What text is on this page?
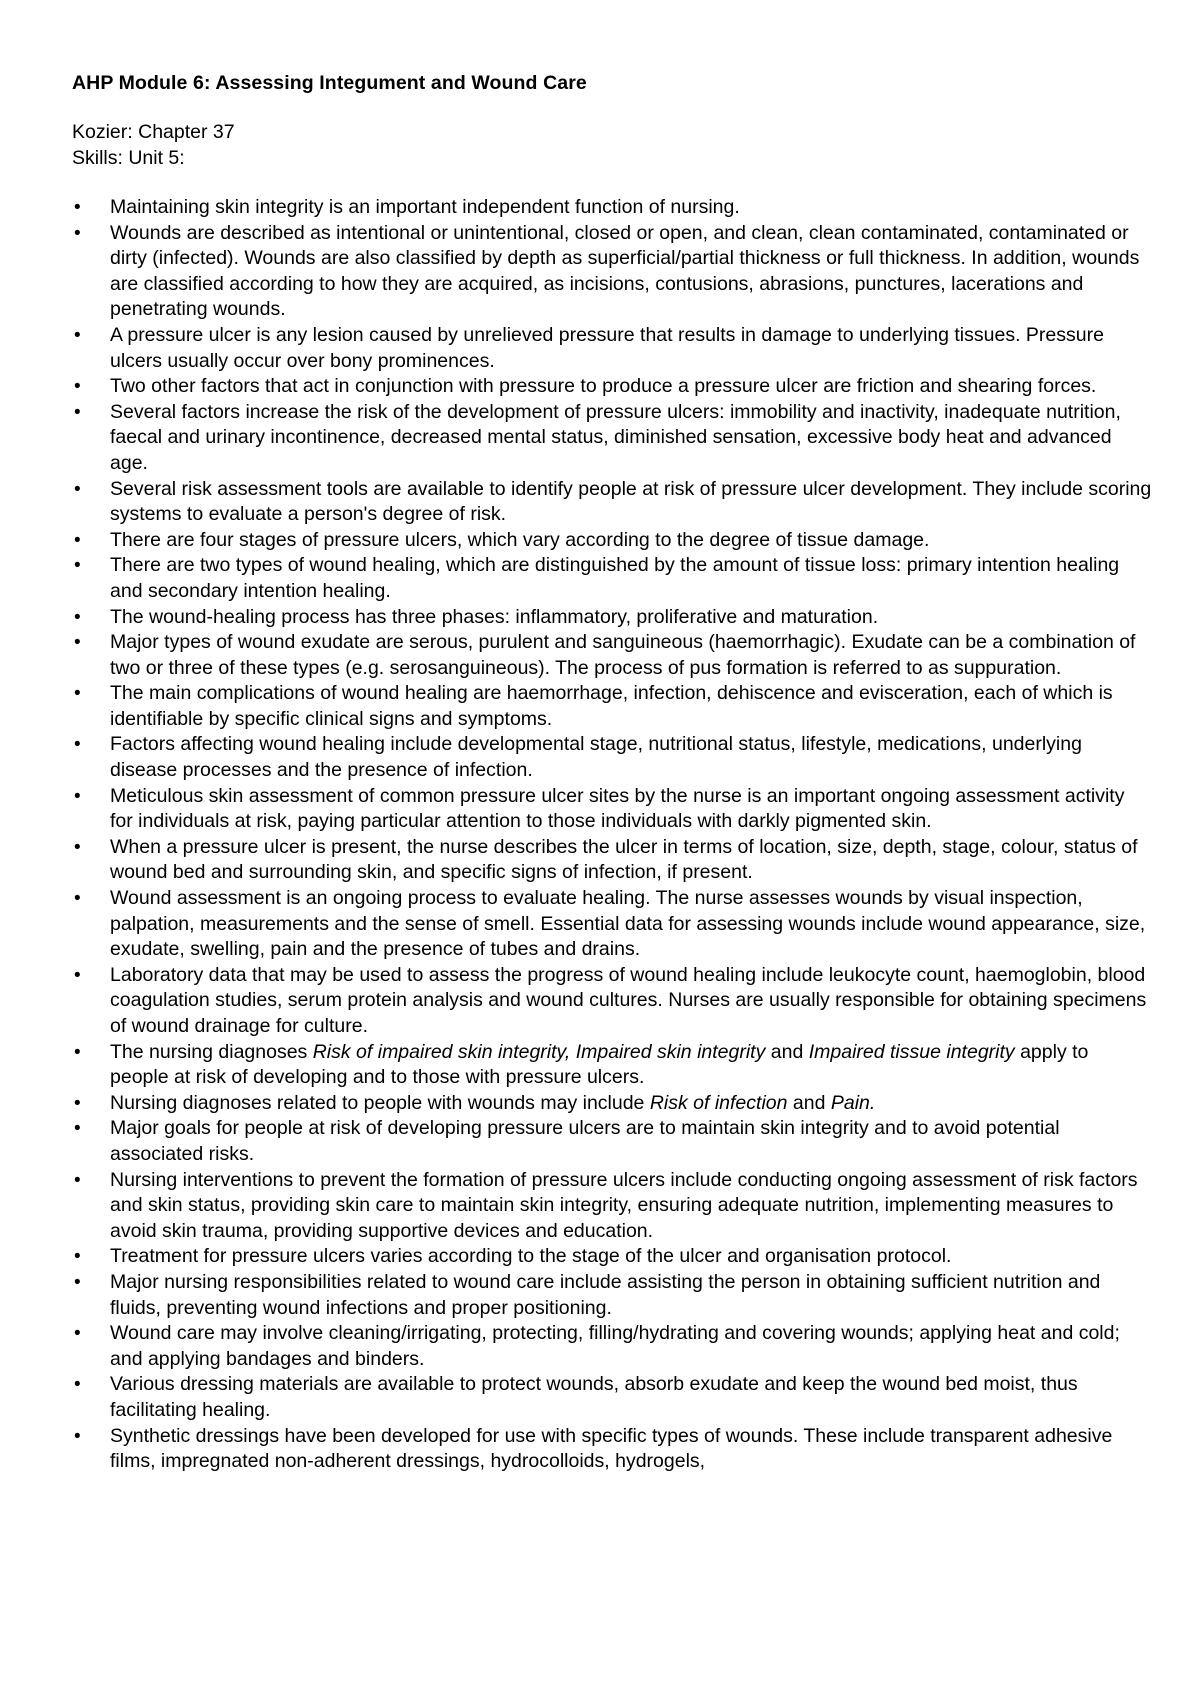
AHP Module 6: Assessing Integument and Wound Care

Kozier: Chapter 37

Skills: Unit 5:

• Maintaining skin integrity is an important independent function of nursing.
• Wounds are described as intentional or unintentional, closed or open, and clean, clean contaminated, contaminated or dirty (infected). Wounds are also classified by depth as superficial/partial thickness or full thickness. In addition, wounds are classified according to how they are acquired, as incisions, contusions, abrasions, punctures, lacerations and penetrating wounds.
• A pressure ulcer is any lesion caused by unrelieved pressure that results in damage to underlying tissues. Pressure ulcers usually occur over bony prominences.
• Two other factors that act in conjunction with pressure to produce a pressure ulcer are friction and shearing forces.
• Several factors increase the risk of the development of pressure ulcers: immobility and inactivity, inadequate nutrition, faecal and urinary incontinence, decreased mental status, diminished sensation, excessive body heat and advanced age.
• Several risk assessment tools are available to identify people at risk of pressure ulcer development. They include scoring systems to evaluate a person's degree of risk.
• There are four stages of pressure ulcers, which vary according to the degree of tissue damage.
• There are two types of wound healing, which are distinguished by the amount of tissue loss: primary intention healing and secondary intention healing.
• The wound-healing process has three phases: inflammatory, proliferative and maturation.
• Major types of wound exudate are serous, purulent and sanguineous (haemorrhagic). Exudate can be a combination of two or three of these types (e.g. serosanguineous). The process of pus formation is referred to as suppuration.
• The main complications of wound healing are haemorrhage, infection, dehiscence and evisceration, each of which is identifiable by specific clinical signs and symptoms.
• Factors affecting wound healing include developmental stage, nutritional status, lifestyle, medications, underlying disease processes and the presence of infection.
• Meticulous skin assessment of common pressure ulcer sites by the nurse is an important ongoing assessment activity for individuals at risk, paying particular attention to those individuals with darkly pigmented skin.
• When a pressure ulcer is present, the nurse describes the ulcer in terms of location, size, depth, stage, colour, status of wound bed and surrounding skin, and specific signs of infection, if present.
• Wound assessment is an ongoing process to evaluate healing. The nurse assesses wounds by visual inspection, palpation, measurements and the sense of smell. Essential data for assessing wounds include wound appearance, size, exudate, swelling, pain and the presence of tubes and drains.
• Laboratory data that may be used to assess the progress of wound healing include leukocyte count, haemoglobin, blood coagulation studies, serum protein analysis and wound cultures. Nurses are usually responsible for obtaining specimens of wound drainage for culture.
• The nursing diagnoses Risk of impaired skin integrity, Impaired skin integrity and Impaired tissue integrity apply to people at risk of developing and to those with pressure ulcers.
• Nursing diagnoses related to people with wounds may include Risk of infection and Pain.
• Major goals for people at risk of developing pressure ulcers are to maintain skin integrity and to avoid potential associated risks.
• Nursing interventions to prevent the formation of pressure ulcers include conducting ongoing assessment of risk factors and skin status, providing skin care to maintain skin integrity, ensuring adequate nutrition, implementing measures to avoid skin trauma, providing supportive devices and education.
• Treatment for pressure ulcers varies according to the stage of the ulcer and organisation protocol.
• Major nursing responsibilities related to wound care include assisting the person in obtaining sufficient nutrition and fluids, preventing wound infections and proper positioning.
• Wound care may involve cleaning/irrigating, protecting, filling/hydrating and covering wounds; applying heat and cold; and applying bandages and binders.
• Various dressing materials are available to protect wounds, absorb exudate and keep the wound bed moist, thus facilitating healing.
• Synthetic dressings have been developed for use with specific types of wounds. These include transparent adhesive films, impregnated non-adherent dressings, hydrocolloids, hydrogels,
